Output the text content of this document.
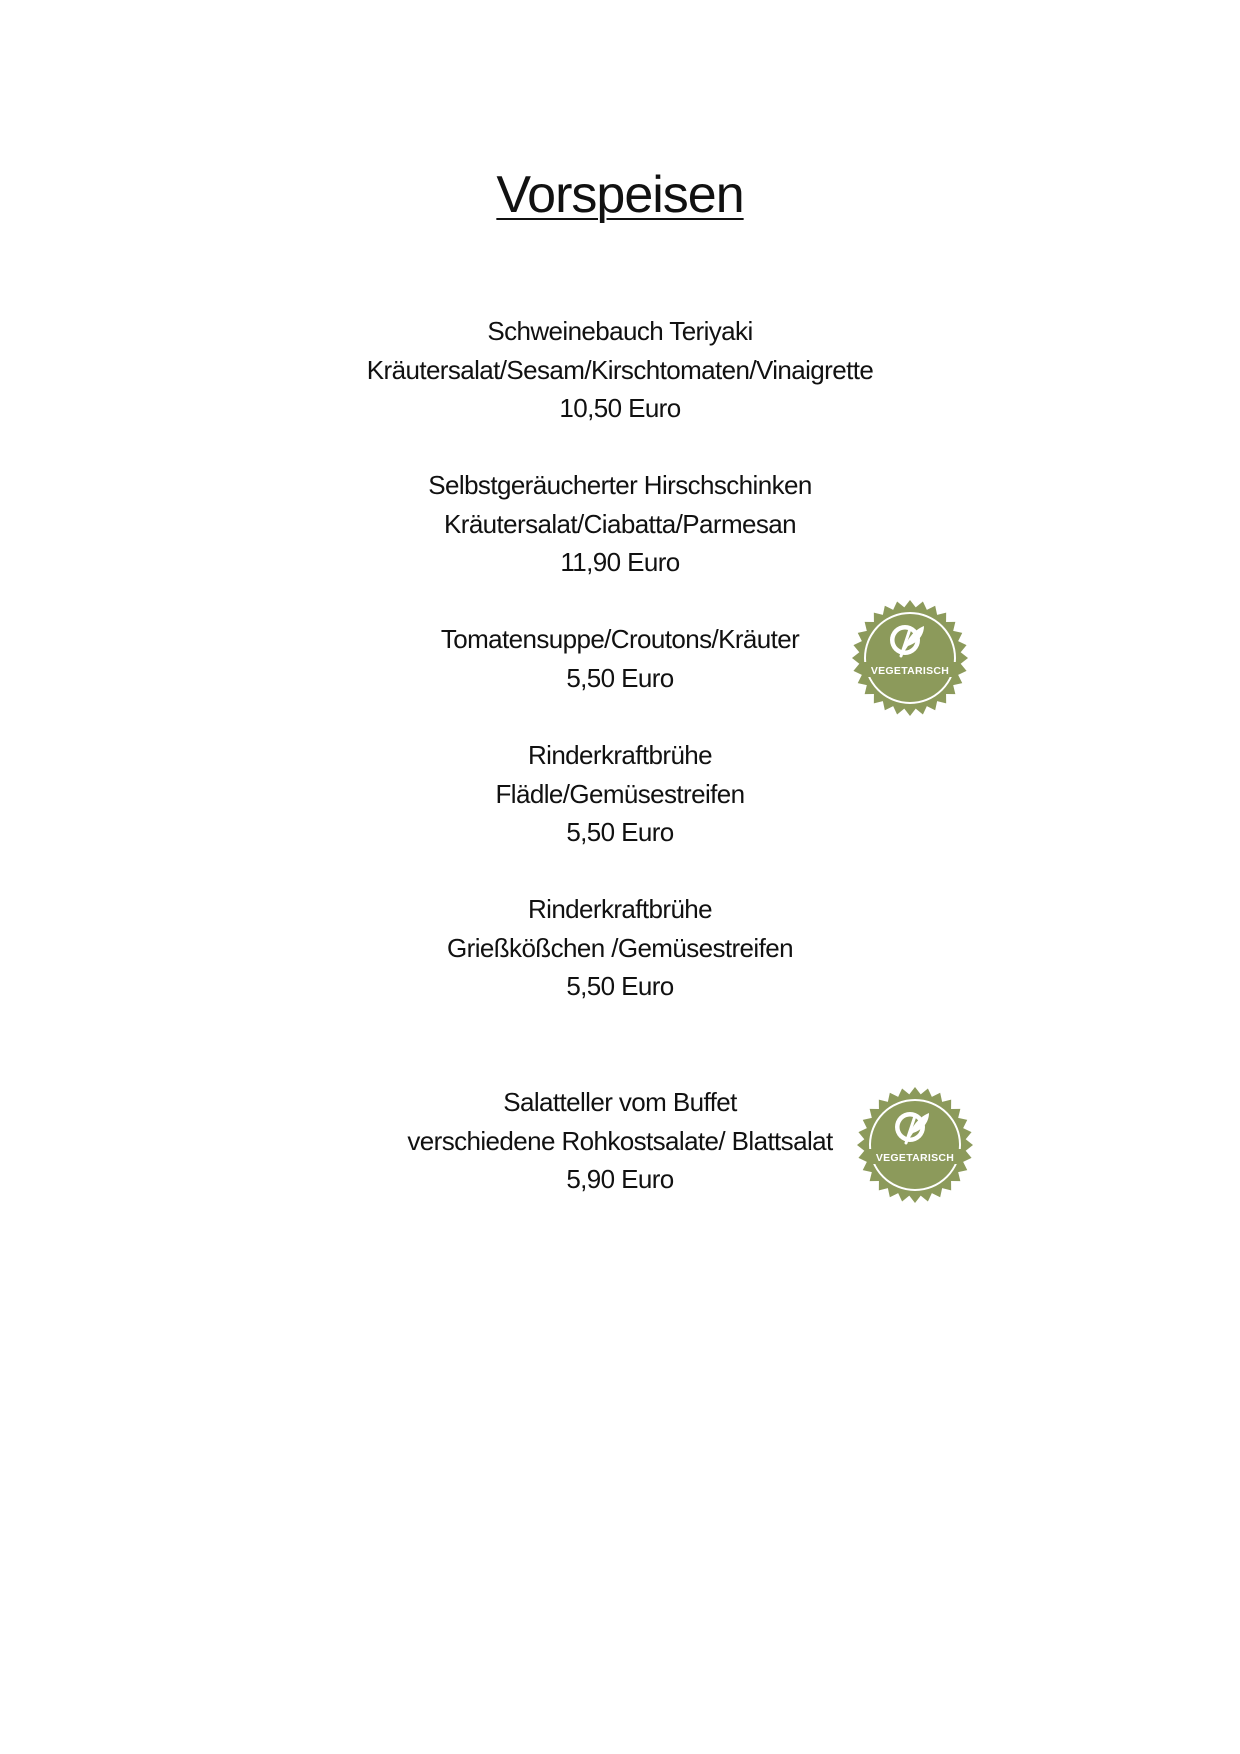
Vorspeisen
Schweinebauch Teriyaki
Kräutersalat/Sesam/Kirschtomaten/Vinaigrette
10,50 Euro
Selbstgeräucherter Hirschschinken
Kräutersalat/Ciabatta/Parmesan
11,90 Euro
Tomatensuppe/Croutons/Kräuter
5,50 Euro	VEGETARISCH
Rinderkraftbrühe
Flädle/Gemüsestreifen
5,50 Euro
Rinderkraftbrühe
Grießkößchen /Gemüsestreifen
5,50 Euro
Salatteller vom Buffet
verschiedene Rohkostsalate/ Blattsalat
5,90 Euro
VEGETARISCH
